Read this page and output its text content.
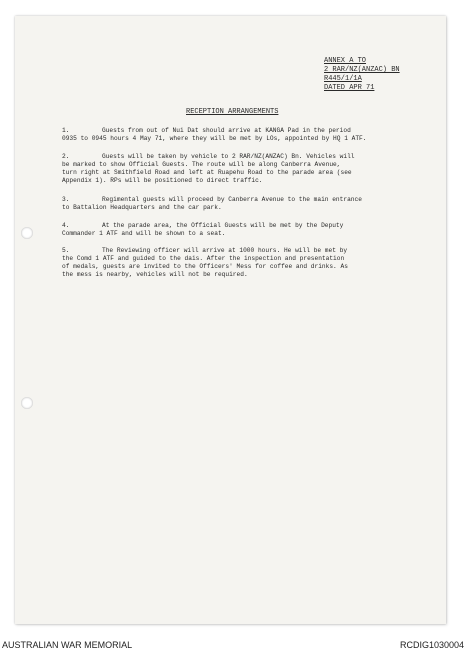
ANNEX A TO
2 RAR/NZ(ANZAC) BN
R445/1/1A
DATED APR 71
RECEPTION ARRANGEMENTS
1.	Guests from out of Nui Dat should arrive at KANGA Pad in the period
0935 to 0945 hours 4 May 71, where they will be met by LOs, appointed by HQ 1 ATF.
2.	Guests will be taken by vehicle to 2 RAR/NZ(ANZAC) Bn. Vehicles will
be marked to show Official Guests. The route will be along Canberra Avenue,
turn right at Smithfield Road and left at Ruapehu Road to the parade area (see
Appendix 1). RPs will be positioned to direct traffic.
3.	Regimental guests will proceed by Canberra Avenue to the main entrance
to Battalion Headquarters and the car park.
4.	At the parade area, the Official Guests will be met by the Deputy
Commander 1 ATF and will be shown to a seat.
5.	The Reviewing officer will arrive at 1000 hours. He will be met by
the Comd 1 ATF and guided to the dais. After the inspection and presentation
of medals, guests are invited to the Officers' Mess for coffee and drinks. As
the mess is nearby, vehicles will not be required.
AUSTRALIAN WAR MEMORIAL	RCDIG1030004
